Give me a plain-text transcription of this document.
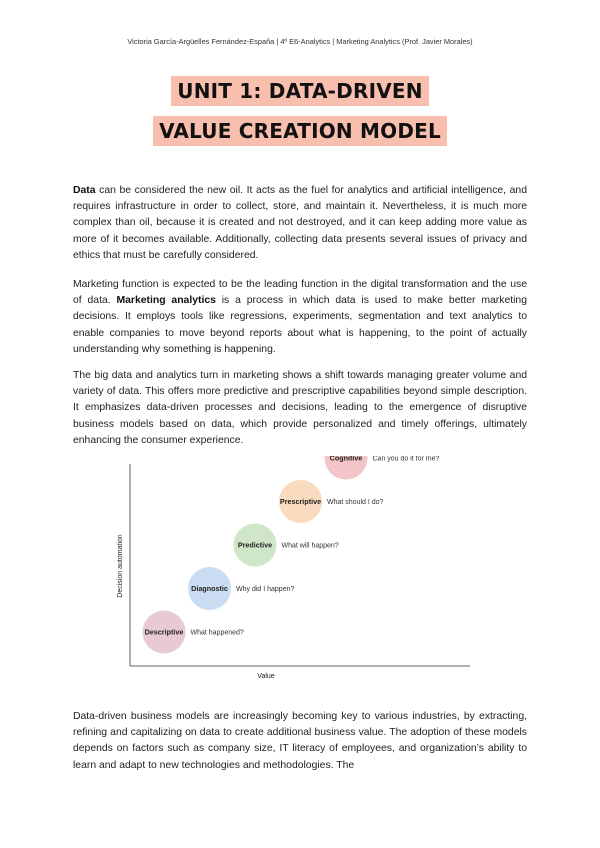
Victoria García-Argüelles Fernández-España | 4º E6-Analytics | Marketing Analytics (Prof. Javier Morales)
UNIT 1: DATA-DRIVEN
VALUE CREATION MODEL

Data can be considered the new oil. It acts as the fuel for analytics and artificial intelligence, and requires infrastructure in order to collect, store, and maintain it. Nevertheless, it is much more complex than oil, because it is created and not destroyed, and it can keep adding more value as more of it becomes available. Additionally, collecting data presents several issues of privacy and ethics that must be carefully considered.

Marketing function is expected to be the leading function in the digital transformation and the use of data. Marketing analytics is a process in which data is used to make better marketing decisions. It employs tools like regressions, experiments, segmentation and text analytics to enable companies to move beyond reports about what is happening, to the point of actually understanding why something is happening.

The big data and analytics turn in marketing shows a shift towards managing greater volume and variety of data. This offers more predictive and prescriptive capabilities beyond simple description. It emphasizes data-driven processes and decisions, leading to the emergence of disruptive business models based on data, which provide personalized and timely offerings, ultimately enhancing the consumer experience.

Decision automation
Value
Descriptive What happened?
Diagnostic Why did I happen?
Predictive What will happen?
Prescriptive What should I do?
Cognitive Can you do it for me?

Data-driven business models are increasingly becoming key to various industries, by extracting, refining and capitalizing on data to create additional business value. The adoption of these models depends on factors such as company size, IT literacy of employees, and organization’s ability to learn and adapt to new technologies and methodologies. The
